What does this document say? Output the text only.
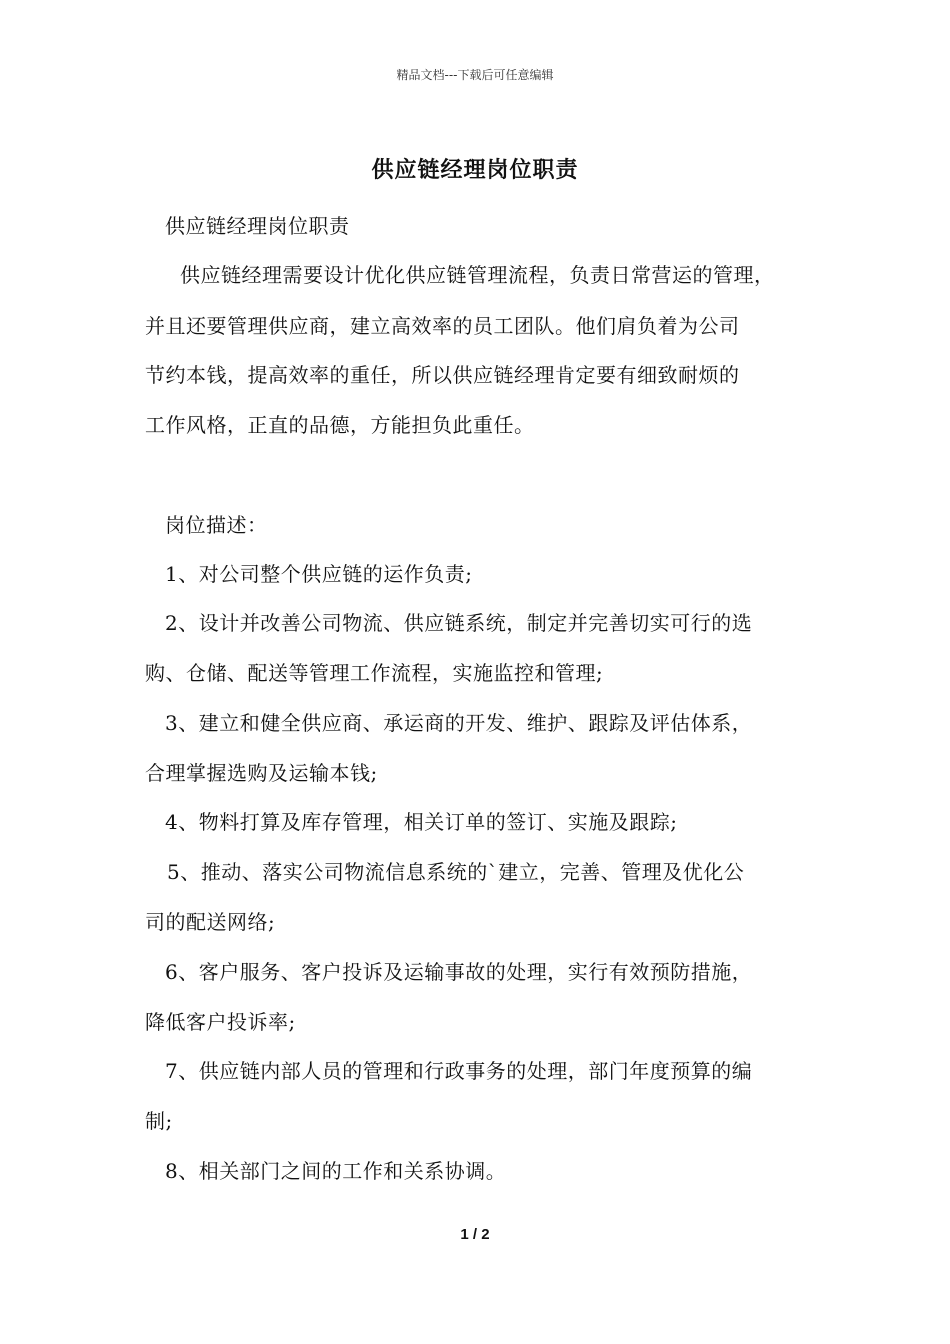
精品文档---下载后可任意编辑
供应链经理岗位职责
供应链经理岗位职责
供应链经理需要设计优化供应链管理流程，负责日常营运的管理，
并且还要管理供应商，建立高效率的员工团队。他们肩负着为公司
节约本钱，提高效率的重任，所以供应链经理肯定要有细致耐烦的
工作风格，正直的品德，方能担负此重任。
岗位描述：
1、对公司整个供应链的运作负责;
2、设计并改善公司物流、供应链系统，制定并完善切实可行的选
购、仓储、配送等管理工作流程，实施监控和管理;
3、建立和健全供应商、承运商的开发、维护、跟踪及评估体系，
合理掌握选购及运输本钱;
4、物料打算及库存管理，相关订单的签订、实施及跟踪;
5、推动、落实公司物流信息系统的`建立，完善、管理及优化公
司的配送网络;
6、客户服务、客户投诉及运输事故的处理，实行有效预防措施，
降低客户投诉率;
7、供应链内部人员的管理和行政事务的处理，部门年度预算的编
制;
8、相关部门之间的工作和关系协调。
1 / 2
